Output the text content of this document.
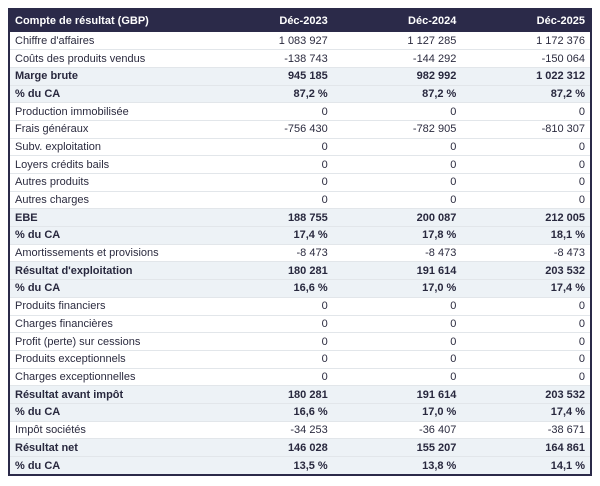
Compte de résultat (GBP)	Déc-2023	Déc-2024	Déc-2025
Chiffre d'affaires	1 083 927	1 127 285	1 172 376
Coûts des produits vendus	-138 743	-144 292	-150 064
Marge brute	945 185	982 992	1 022 312
% du CA	87,2 %	87,2 %	87,2 %
Production immobilisée	0	0	0
Frais généraux	-756 430	-782 905	-810 307
Subv. exploitation	0	0	0
Loyers crédits bails	0	0	0
Autres produits	0	0	0
Autres charges	0	0	0
EBE	188 755	200 087	212 005
% du CA	17,4 %	17,8 %	18,1 %
Amortissements et provisions	-8 473	-8 473	-8 473
Résultat d'exploitation	180 281	191 614	203 532
% du CA	16,6 %	17,0 %	17,4 %
Produits financiers	0	0	0
Charges financières	0	0	0
Profit (perte) sur cessions	0	0	0
Produits exceptionnels	0	0	0
Charges exceptionnelles	0	0	0
Résultat avant impôt	180 281	191 614	203 532
% du CA	16,6 %	17,0 %	17,4 %
Impôt sociétés	-34 253	-36 407	-38 671
Résultat net	146 028	155 207	164 861
% du CA	13,5 %	13,8 %	14,1 %
